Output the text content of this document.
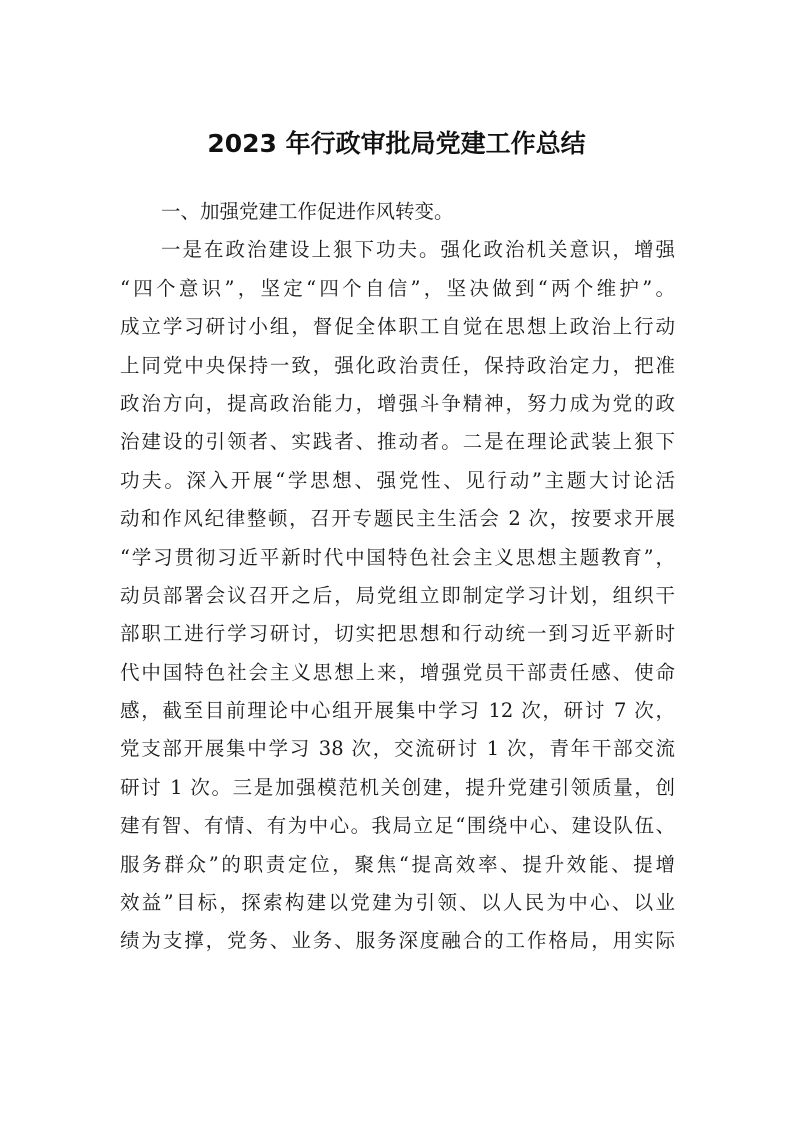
2023 年行政审批局党建工作总结
一、加强党建工作促进作风转变。
一是在政治建设上狠下功夫。强化政治机关意识，增强
“四个意识”，坚定“四个自信”，坚决做到“两个维护”。
成立学习研讨小组，督促全体职工自觉在思想上政治上行动
上同党中央保持一致，强化政治责任，保持政治定力，把准
政治方向，提高政治能力，增强斗争精神，努力成为党的政
治建设的引领者、实践者、推动者。二是在理论武装上狠下
功夫。深入开展“学思想、强党性、见行动”主题大讨论活
动和作风纪律整顿，召开专题民主生活会 2 次，按要求开展
“学习贯彻习近平新时代中国特色社会主义思想主题教育”，
动员部署会议召开之后，局党组立即制定学习计划，组织干
部职工进行学习研讨，切实把思想和行动统一到习近平新时
代中国特色社会主义思想上来，增强党员干部责任感、使命
感，截至目前理论中心组开展集中学习 12 次，研讨 7 次，
党支部开展集中学习 38 次，交流研讨 1 次，青年干部交流
研讨 1 次。三是加强模范机关创建，提升党建引领质量，创
建有智、有情、有为中心。我局立足“围绕中心、建设队伍、
服务群众”的职责定位，聚焦“提高效率、提升效能、提增
效益”目标，探索构建以党建为引领、以人民为中心、以业
绩为支撑，党务、业务、服务深度融合的工作格局，用实际
